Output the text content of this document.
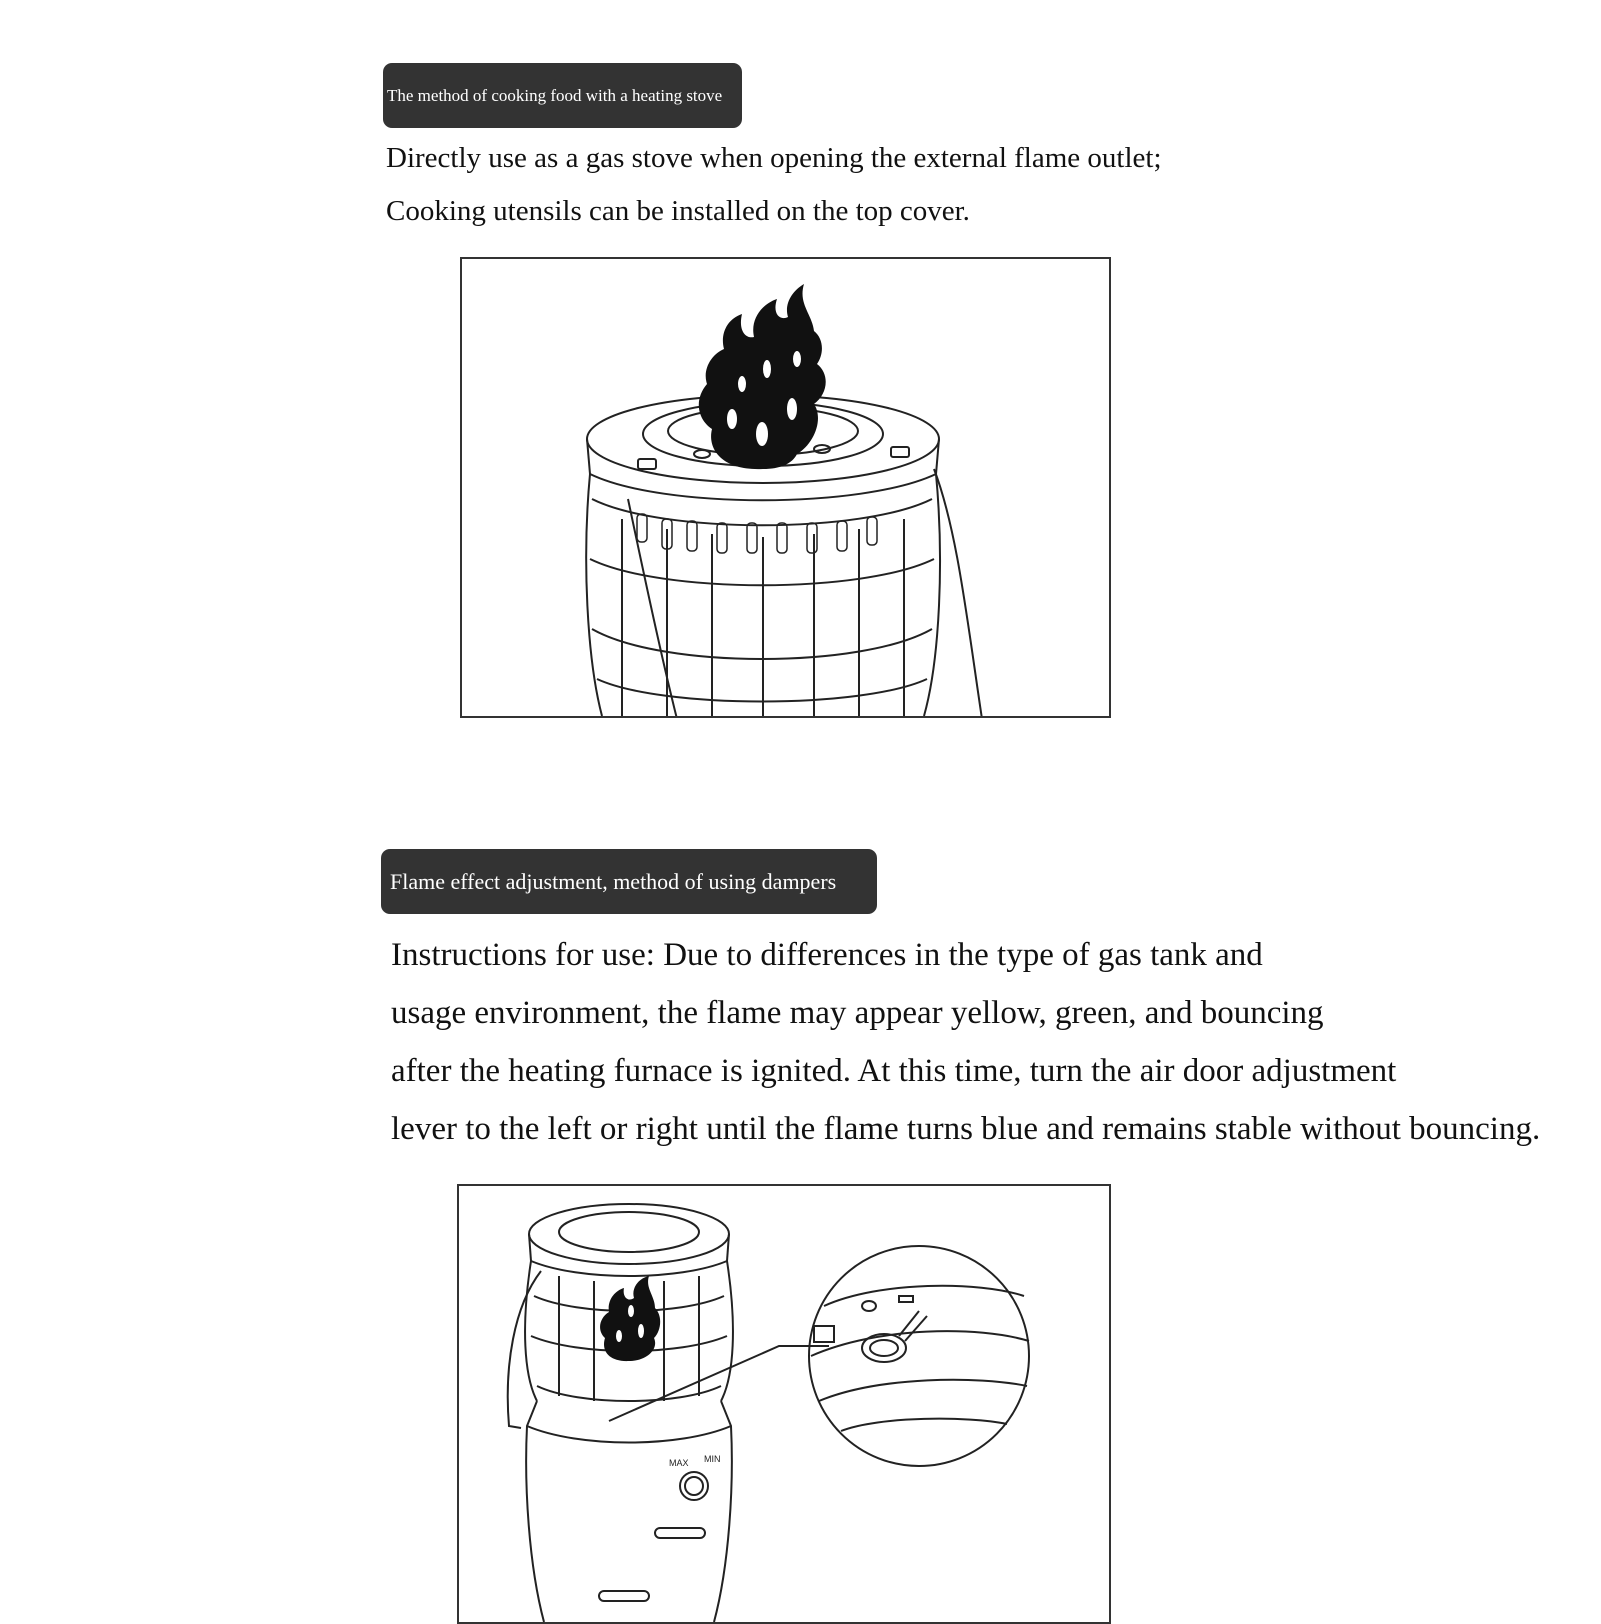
The method of cooking food with a heating stove
Directly use as a gas stove when opening the external flame outlet;
Cooking utensils can be installed on the top cover.
Flame effect adjustment, method of using dampers
Instructions for use: Due to differences in the type of gas tank and
usage environment, the flame may appear yellow, green, and bouncing
after the heating furnace is ignited. At this time, turn the air door adjustment
lever to the left or right until the flame turns blue and remains stable without bouncing.
MAX MIN
